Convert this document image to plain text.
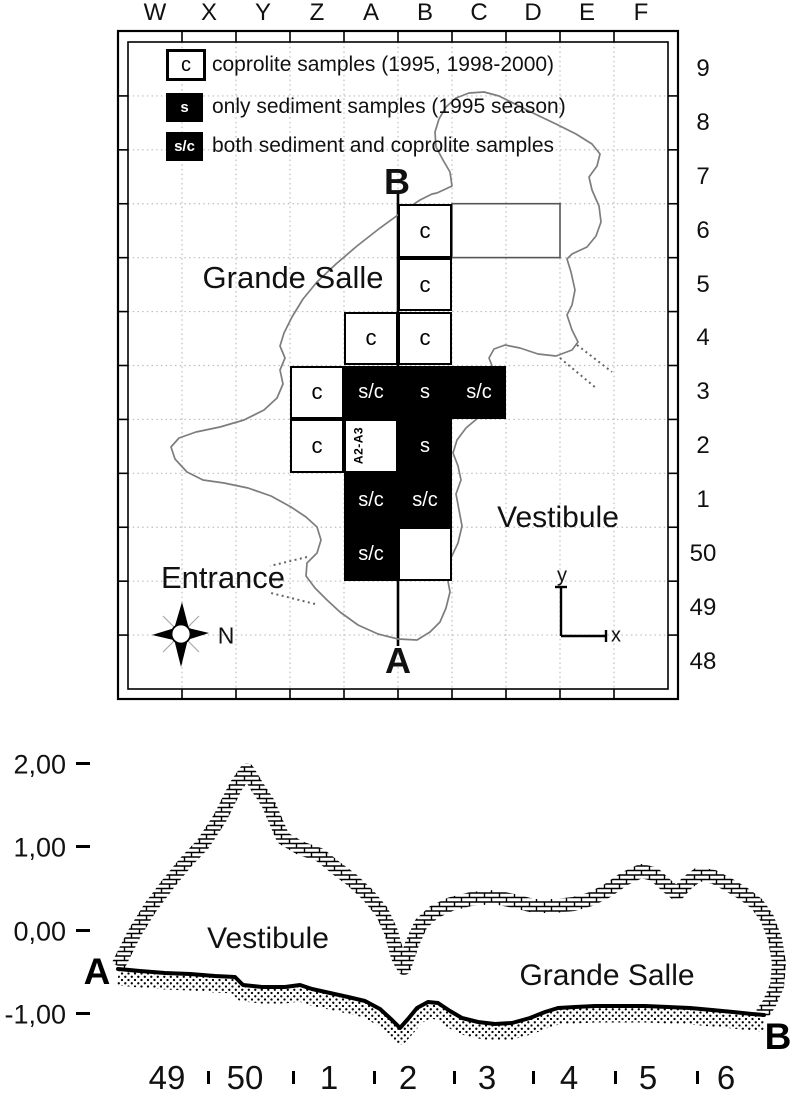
W X Y Z A B C D E F
9
8
7
6
5
4
3
2
1
50
49
48
c coprolite samples (1995, 1998-2000)
s only sediment samples (1995 season)
s/c both sediment and coprolite samples
c
c
c c
c s/c s s/c
c	A2-A3	s
s/c s/c
s/c
Grande Salle
Vestibule
Entrance
B
A
N
y
x
2,00
1,00
0,00
-1,00
49	50	1	2	3	4	5	6
A
B
Vestibule
Grande Salle
